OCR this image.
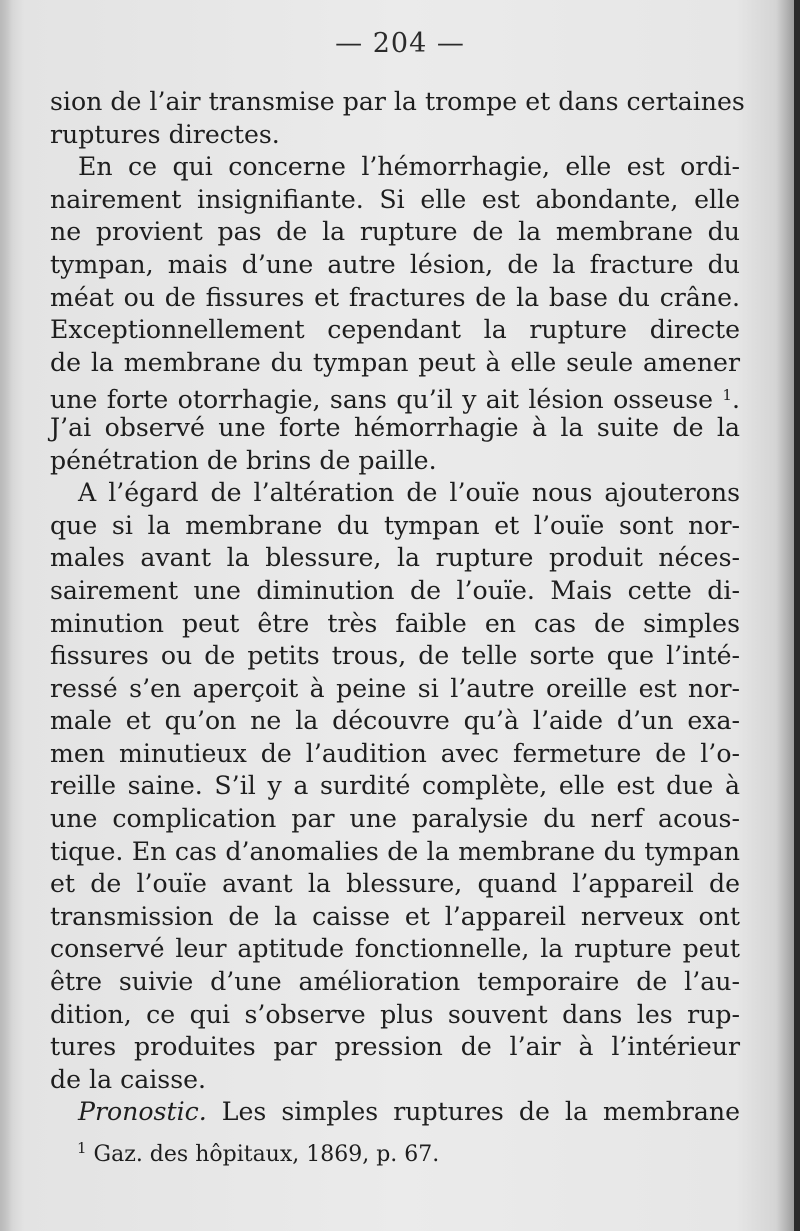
— 204 —
sion de l’air transmise par la trompe et dans certaines
ruptures directes.
En ce qui concerne l’hémorrhagie, elle est ordi-
nairement insignifiante. Si elle est abondante, elle
ne provient pas de la rupture de la membrane du
tympan, mais d’une autre lésion, de la fracture du
méat ou de fissures et fractures de la base du crâne.
Exceptionnellement cependant la rupture directe
de la membrane du tympan peut à elle seule amener
une forte otorrhagie, sans qu’il y ait lésion osseuse $^1$.
J’ai observé une forte hémorrhagie à la suite de la
pénétration de brins de paille.
A l’égard de l’altération de l’ouïe nous ajouterons
que si la membrane du tympan et l’ouïe sont nor-
males avant la blessure, la rupture produit néces-
sairement une diminution de l’ouïe. Mais cette di-
minution peut être très faible en cas de simples
fissures ou de petits trous, de telle sorte que l’inté-
ressé s’en aperçoit à peine si l’autre oreille est nor-
male et qu’on ne la découvre qu’à l’aide d’un exa-
men minutieux de l’audition avec fermeture de l’o-
reille saine. S’il y a surdité complète, elle est due à
une complication par une paralysie du nerf acous-
tique. En cas d’anomalies de la membrane du tympan
et de l’ouïe avant la blessure, quand l’appareil de
transmission de la caisse et l’appareil nerveux ont
conservé leur aptitude fonctionnelle, la rupture peut
être suivie d’une amélioration temporaire de l’au-
dition, ce qui s’observe plus souvent dans les rup-
tures produites par pression de l’air à l’intérieur
de la caisse.
Pronostic. Les simples ruptures de la membrane
$^1$ Gaz. des hôpitaux, 1869, p. 67.
